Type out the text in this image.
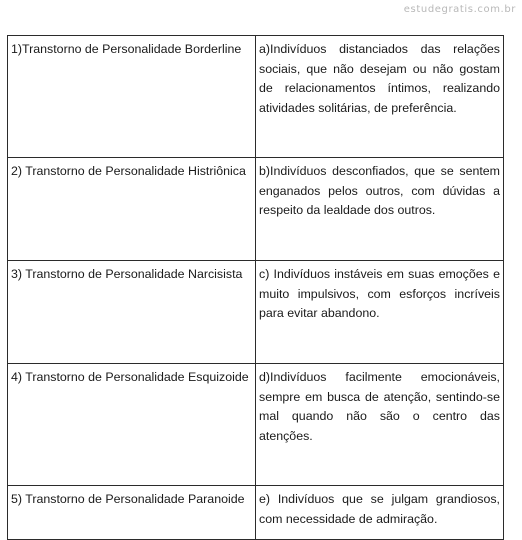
estudegratis.com.br
1)Transtorno de Personalidade Borderline	a)Indivíduos distanciados das relações sociais, que não desejam ou não gostam de relacionamentos íntimos, realizando atividades solitárias, de preferência.
2) Transtorno de Personalidade Histriônica	b)Indivíduos desconfiados, que se sentem enganados pelos outros, com dúvidas a respeito da lealdade dos outros.
3) Transtorno de Personalidade Narcisista	c) Indivíduos instáveis em suas emoções e muito impulsivos, com esforços incríveis para evitar abandono.
4) Transtorno de Personalidade Esquizoide	d)Indivíduos facilmente emocionáveis, sempre em busca de atenção, sentindo-se mal quando não são o centro das atenções.
5) Transtorno de Personalidade Paranoide	e) Indivíduos que se julgam grandiosos, com necessidade de admiração.
